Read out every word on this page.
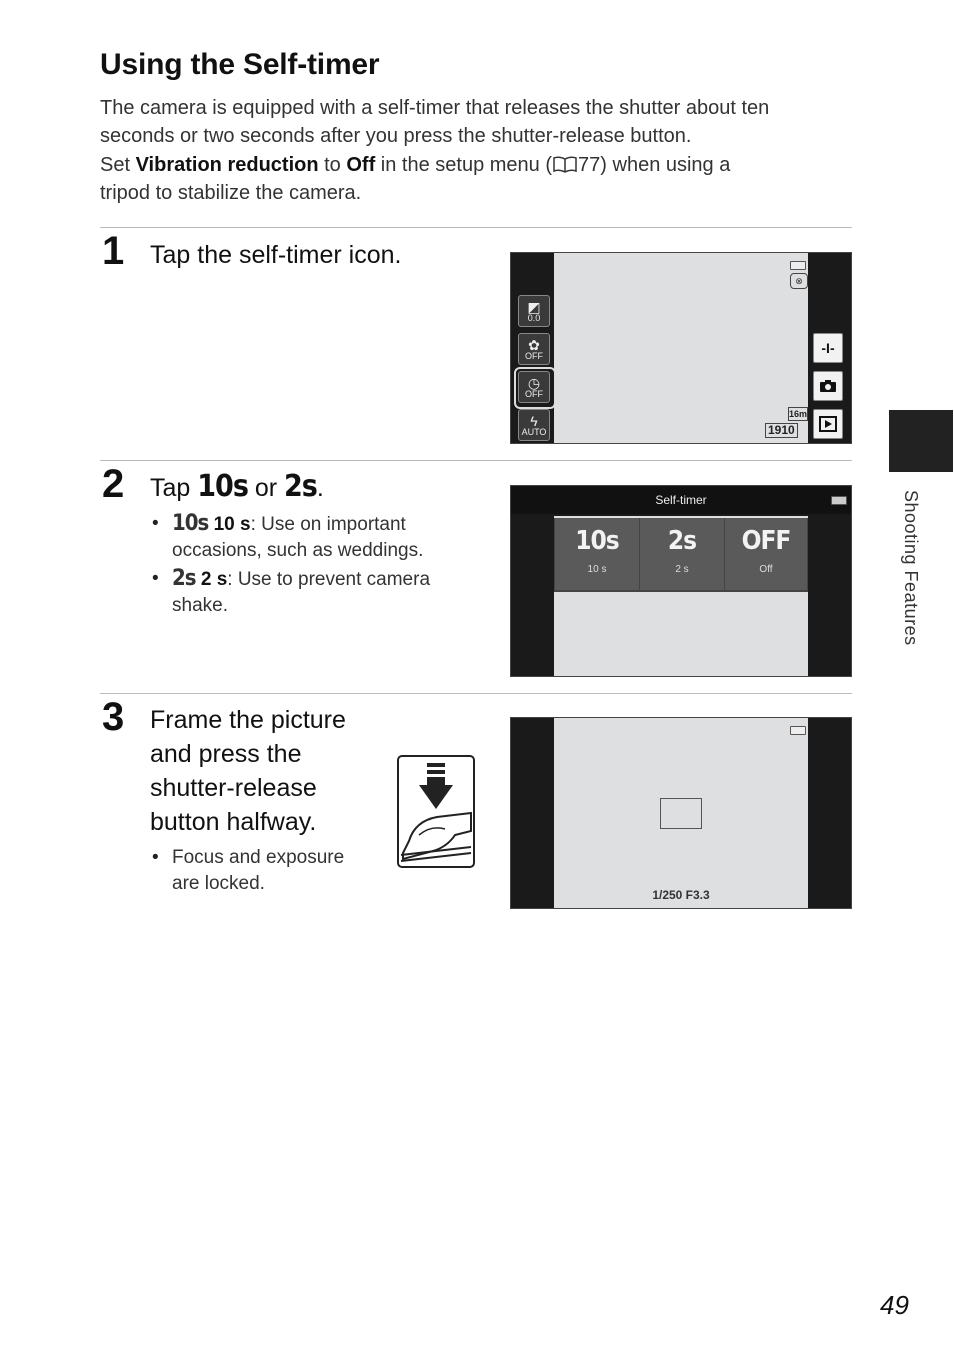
Using the Self-timer

The camera is equipped with a self-timer that releases the shutter about ten seconds or two seconds after you press the shutter-release button.

Set Vibration reduction to Off in the setup menu ( 77) when using a
tripod to stabilize the camera.

1 Tap the self-timer icon.

⊗
16m
1910
◩
0.0
✿
OFF
◷
OFF
ϟ
AUTO
-I-
2 Tap 10s or 2s.

• 10s 10 s: Use on important occasions, such as weddings.
• 2s 2 s: Use to prevent camera shake.
Self-timer
10s
10 s
2s
2 s
OFF
Off
3 Frame the picture
and press the
shutter-release
button halfway.
• Focus and exposure are locked.
1/250 F3.3
Shooting Features
49
